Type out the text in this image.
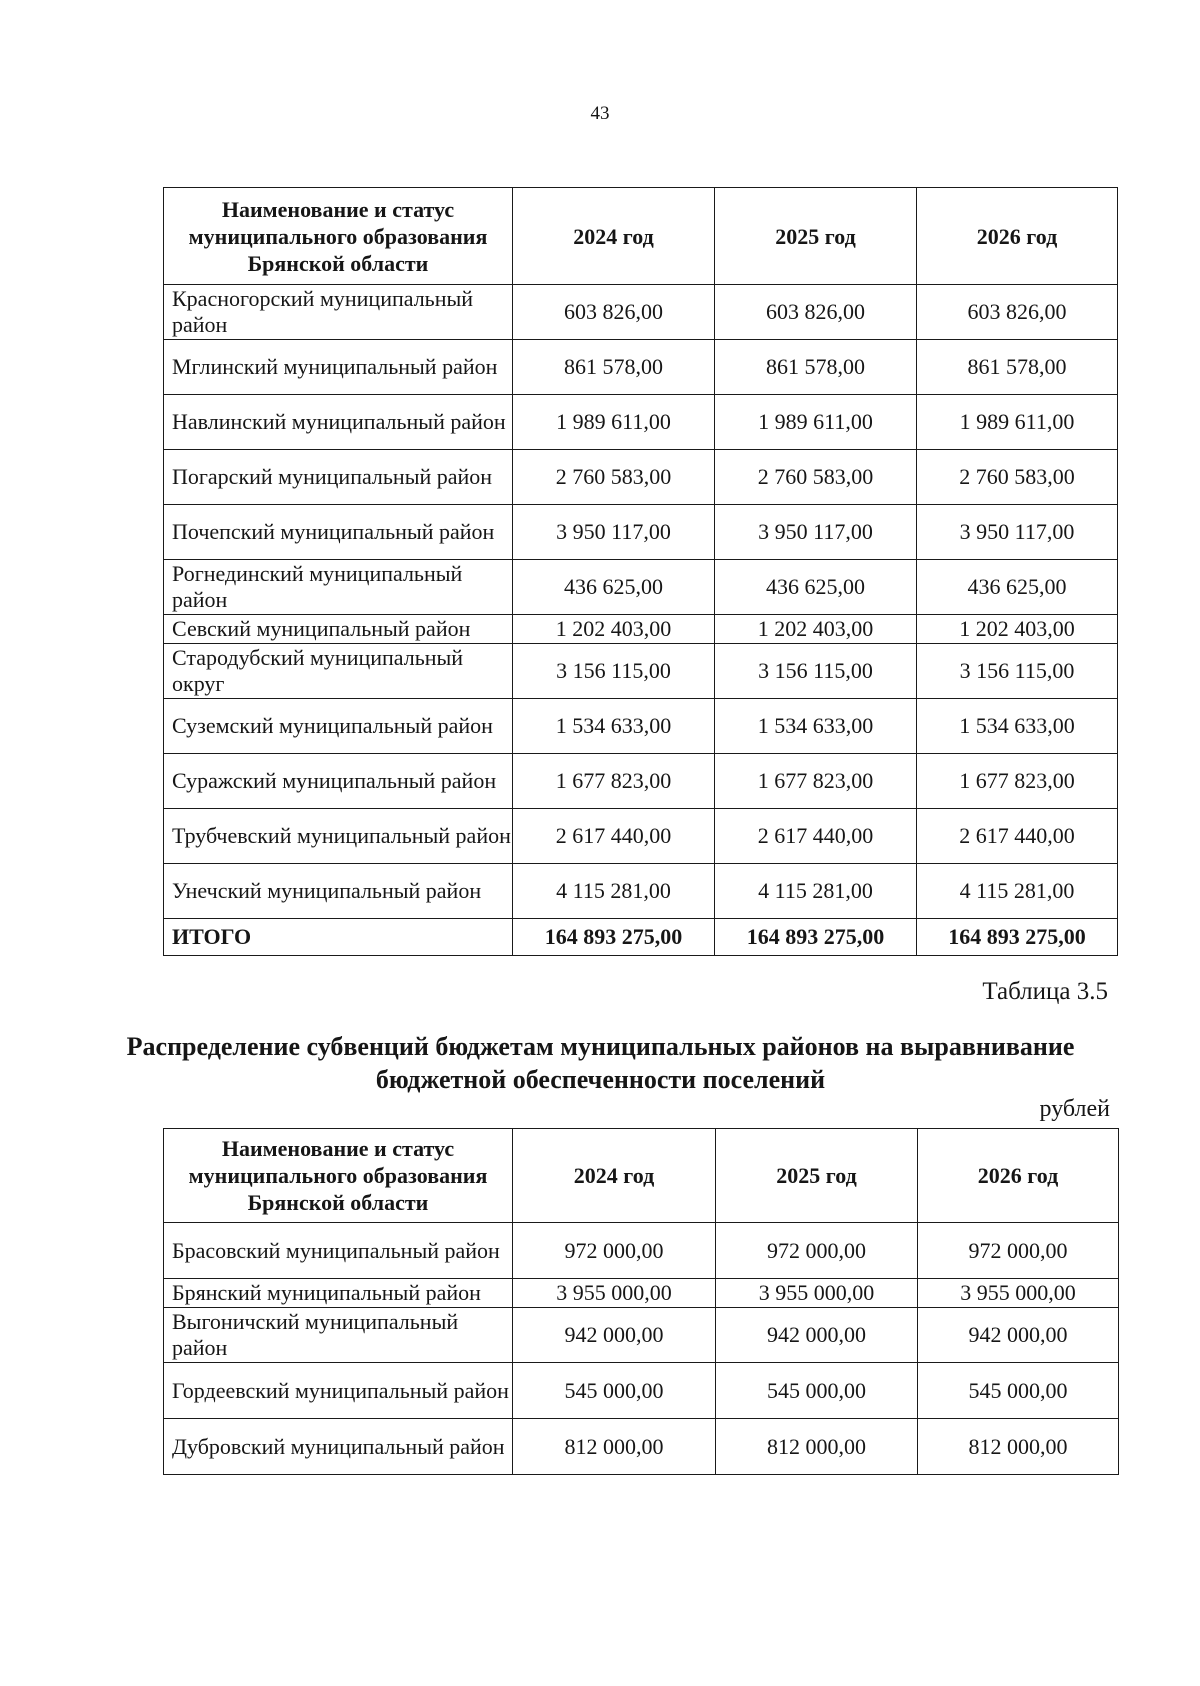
43
Наименование и статус муниципального образования Брянской области	2024 год	2025 год	2026 год
Красногорский муниципальный район	603 826,00	603 826,00	603 826,00
Мглинский муниципальный район	861 578,00	861 578,00	861 578,00
Навлинский муниципальный район	1 989 611,00	1 989 611,00	1 989 611,00
Погарский муниципальный район	2 760 583,00	2 760 583,00	2 760 583,00
Почепский муниципальный район	3 950 117,00	3 950 117,00	3 950 117,00
Рогнединский муниципальный район	436 625,00	436 625,00	436 625,00
Севский муниципальный район	1 202 403,00	1 202 403,00	1 202 403,00
Стародубский муниципальный округ	3 156 115,00	3 156 115,00	3 156 115,00
Суземский муниципальный район	1 534 633,00	1 534 633,00	1 534 633,00
Суражский муниципальный район	1 677 823,00	1 677 823,00	1 677 823,00
Трубчевский муниципальный район	2 617 440,00	2 617 440,00	2 617 440,00
Унечский муниципальный район	4 115 281,00	4 115 281,00	4 115 281,00
ИТОГО	164 893 275,00	164 893 275,00	164 893 275,00
Таблица 3.5
Распределение субвенций бюджетам муниципальных районов на выравнивание бюджетной обеспеченности поселений
рублей
Наименование и статус муниципального образования Брянской области	2024 год	2025 год	2026 год
Брасовский муниципальный район	972 000,00	972 000,00	972 000,00
Брянский муниципальный район	3 955 000,00	3 955 000,00	3 955 000,00
Выгоничский муниципальный район	942 000,00	942 000,00	942 000,00
Гордеевский муниципальный район	545 000,00	545 000,00	545 000,00
Дубровский муниципальный район	812 000,00	812 000,00	812 000,00
